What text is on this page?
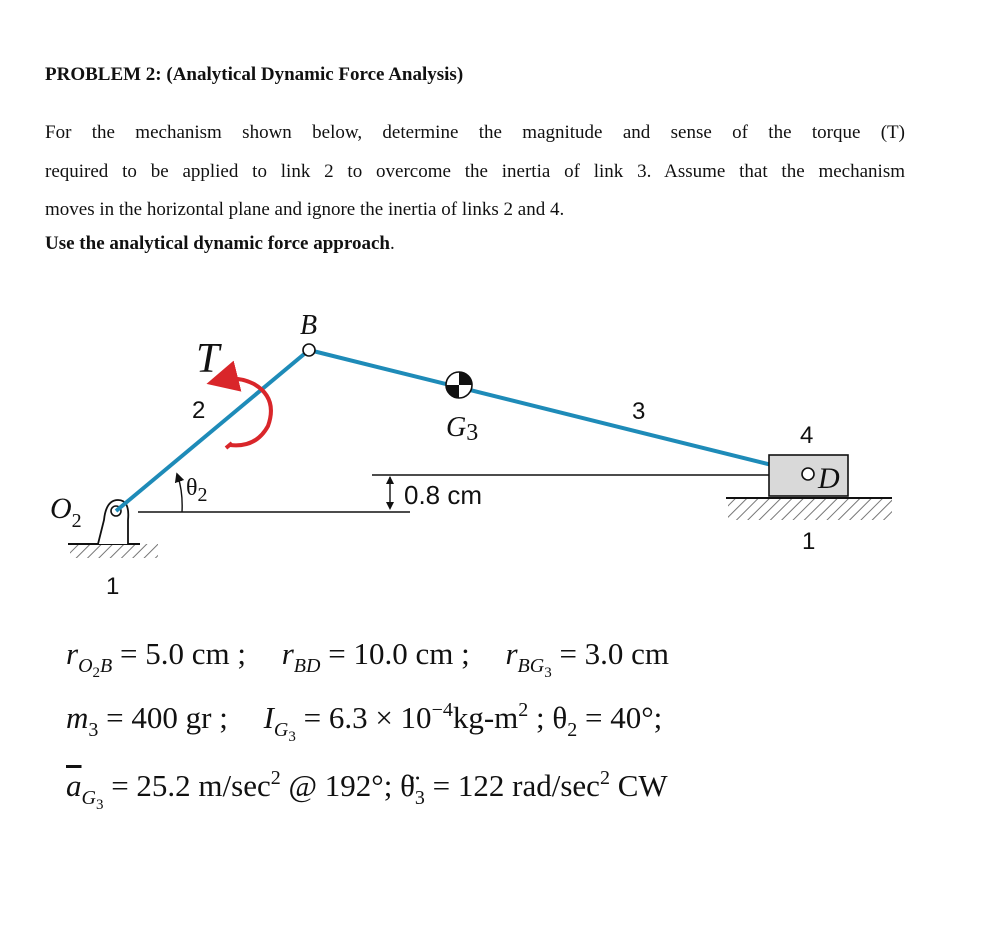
PROBLEM 2: (Analytical Dynamic Force Analysis)
For the mechanism shown below, determine the magnitude and sense of the torque (T)
required to be applied to link 2 to overcome the inertia of link 3. Assume that the mechanism
moves in the horizontal plane and ignore the inertia of links 2 and 4.
Use the analytical dynamic force approach.
B
T
2
$\theta_2$
$O_2$
1
G3
3
4
D
1
0.8 cm
$r_{O_2B} = 5.0$ cm ; $r_{BD} = 10.0$ cm ; $r_{BG_3} = 3.0$ cm
$m_3 = 400$ gr ; $I_{G_3} = 6.3 \times 10^{-4}kg-m^2$ ; $\theta_2 = 40^\circ$;
$\overline{a}_{G_3} = 25.2$ $m/\sec^2$ @ 192°; $\thetä_3 = 122$ rad/$\sec^2$ CW
